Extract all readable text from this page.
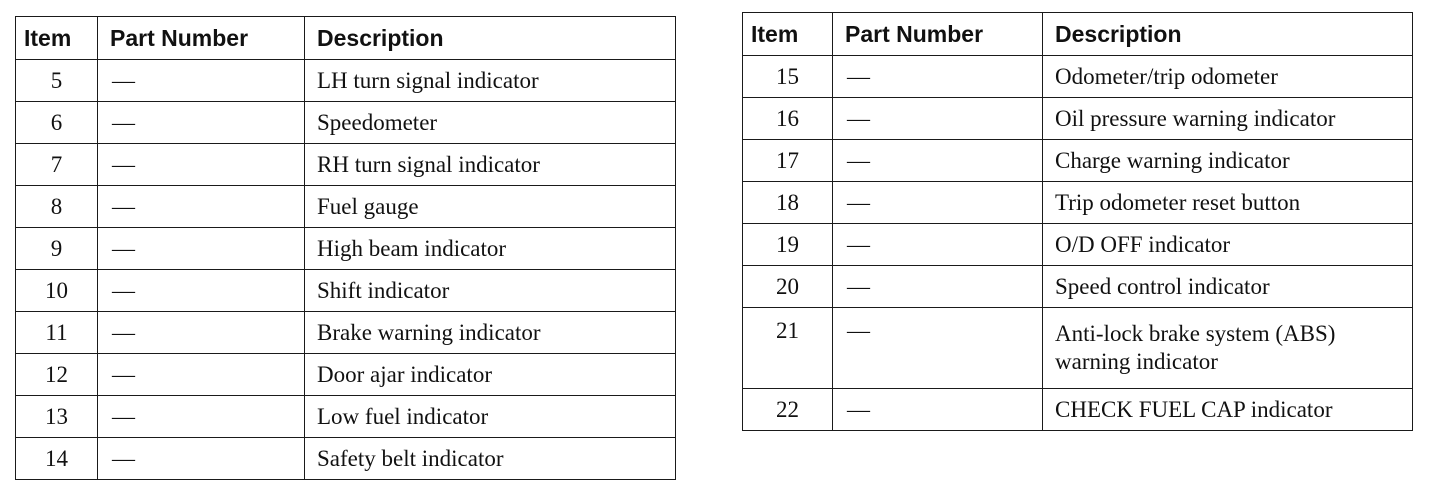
Item	Part Number	Description
5	—	LH turn signal indicator
6	—	Speedometer
7	—	RH turn signal indicator
8	—	Fuel gauge
9	—	High beam indicator
10	—	Shift indicator
11	—	Brake warning indicator
12	—	Door ajar indicator
13	—	Low fuel indicator
14	—	Safety belt indicator
Item	Part Number	Description
15	—	Odometer/trip odometer
16	—	Oil pressure warning indicator
17	—	Charge warning indicator
18	—	Trip odometer reset button
19	—	O/D OFF indicator
20	—	Speed control indicator
21	—	Anti-lock brake system (ABS) warning indicator
22	—	CHECK FUEL CAP indicator
